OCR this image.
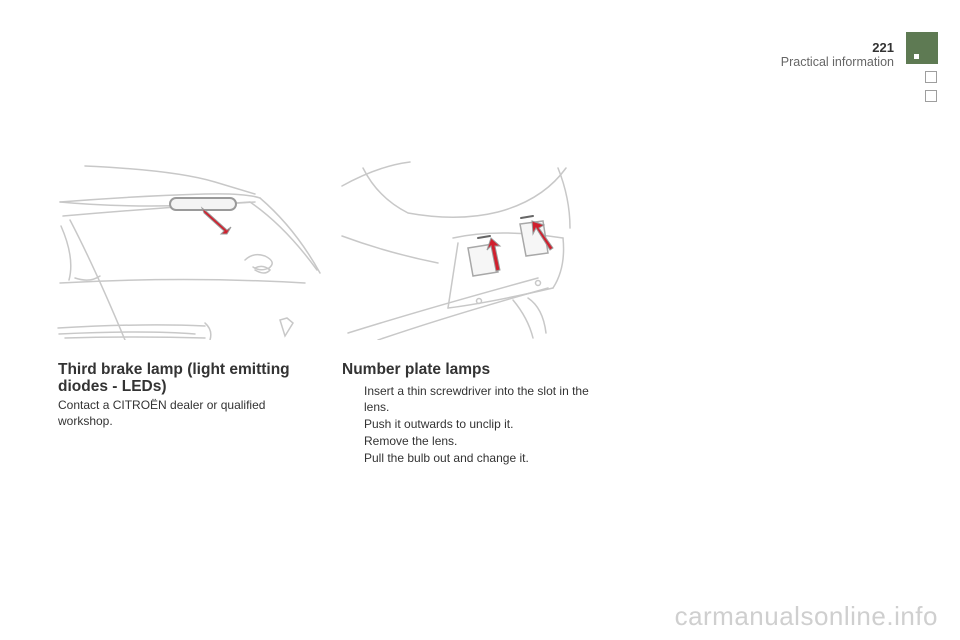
221
Practical information
Third brake lamp (light emitting diodes - LEDs)

Contact a CITROËN dealer or qualified workshop.

Number plate lamps
Insert a thin screwdriver into the slot in the lens.
Push it outwards to unclip it.
Remove the lens.
Pull the bulb out and change it.
carmanualsonline.info
